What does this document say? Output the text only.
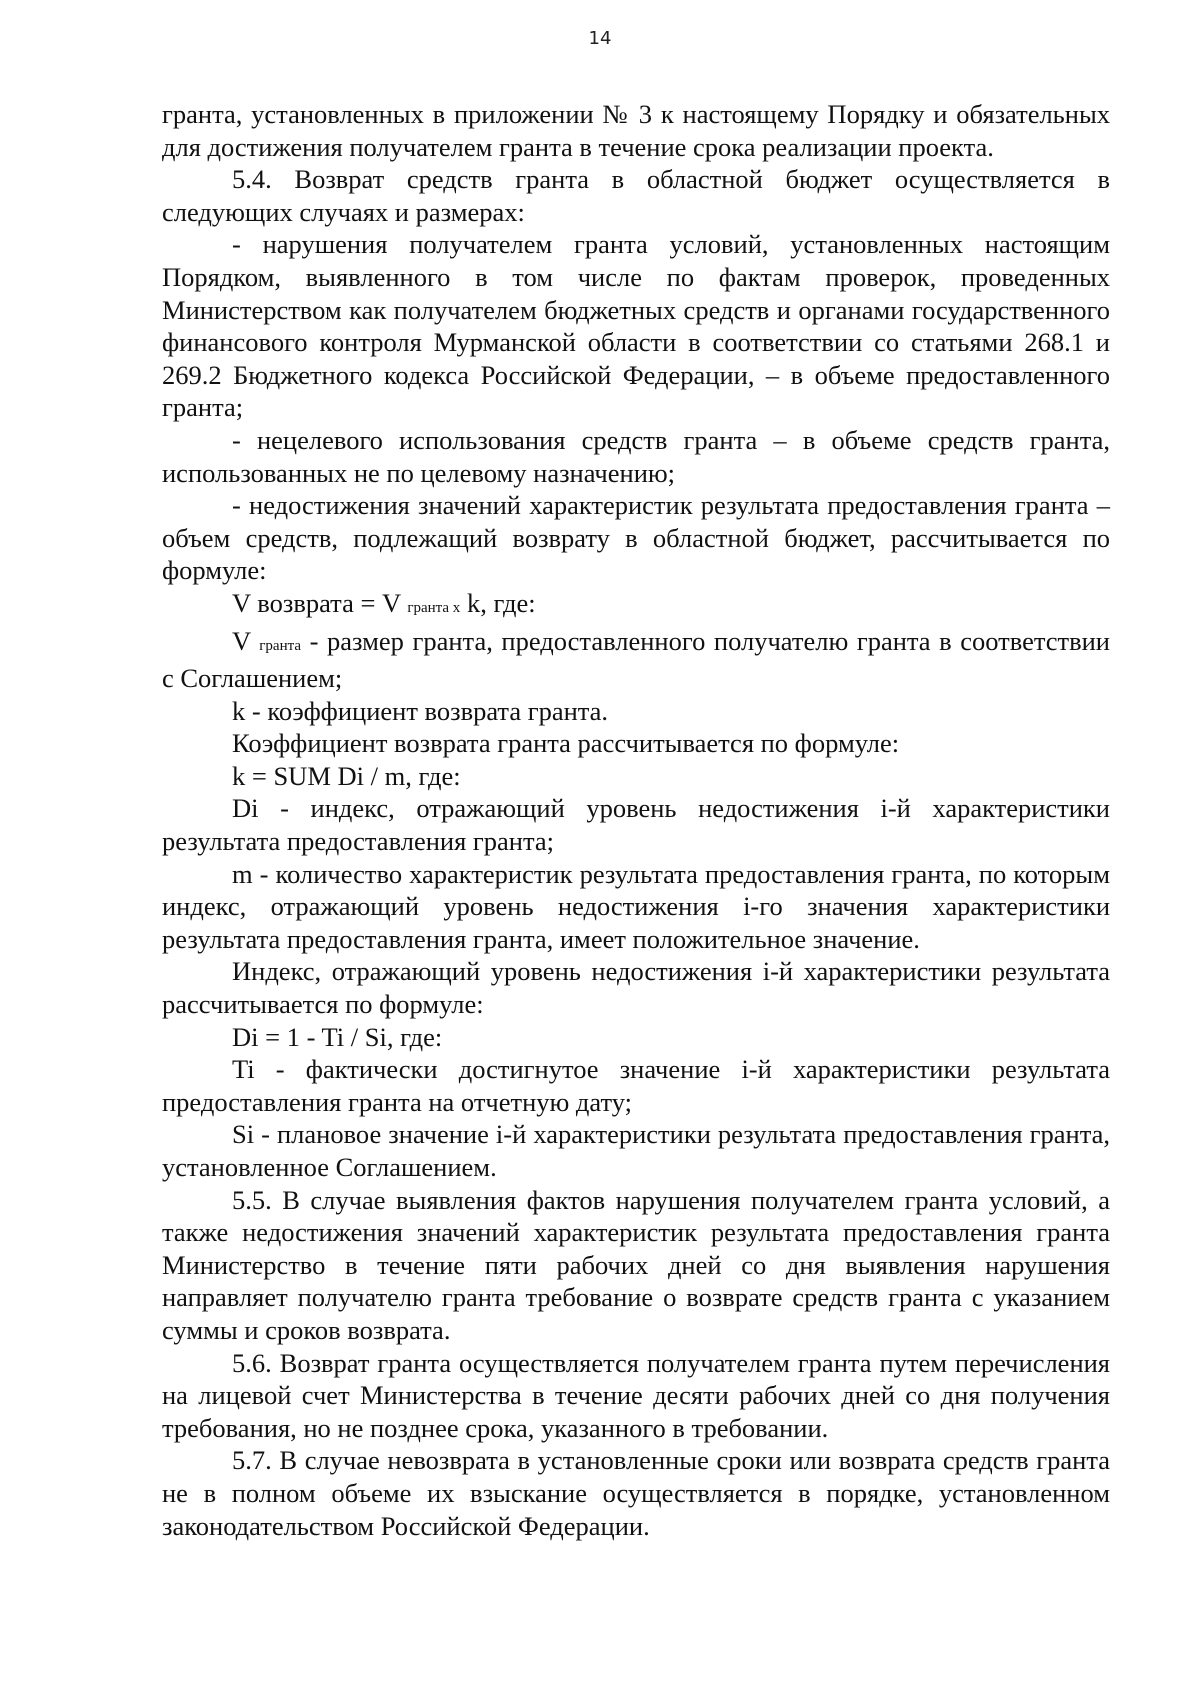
14

гранта, установленных в приложении № 3 к настоящему Порядку и обязательных для достижения получателем гранта в течение срока реализации проекта.

5.4. Возврат средств гранта в областной бюджет осуществляется в следующих случаях и размерах:

- нарушения получателем гранта условий, установленных настоящим Порядком, выявленного в том числе по фактам проверок, проведенных Министерством как получателем бюджетных средств и органами государственного финансового контроля Мурманской области в соответствии со статьями 268.1 и 269.2 Бюджетного кодекса Российской Федерации, – в объеме предоставленного гранта;

- нецелевого использования средств гранта – в объеме средств гранта, использованных не по целевому назначению;

- недостижения значений характеристик результата предоставления гранта – объем средств, подлежащий возврату в областной бюджет, рассчитывается по формуле:

V возврата = V гранта x k, где:

V гранта - размер гранта, предоставленного получателю гранта в соответствии с Соглашением;

k - коэффициент возврата гранта.

Коэффициент возврата гранта рассчитывается по формуле:

k = SUM Di / m, где:

Di - индекс, отражающий уровень недостижения i-й характеристики результата предоставления гранта;

m - количество характеристик результата предоставления гранта, по которым индекс, отражающий уровень недостижения i-го значения характеристики результата предоставления гранта, имеет положительное значение.

Индекс, отражающий уровень недостижения i-й характеристики результата рассчитывается по формуле:

Di = 1 - Ti / Si, где:

Ti - фактически достигнутое значение i-й характеристики результата предоставления гранта на отчетную дату;

Si - плановое значение i-й характеристики результата предоставления гранта, установленное Соглашением.

5.5. В случае выявления фактов нарушения получателем гранта условий, а также недостижения значений характеристик результата предоставления гранта Министерство в течение пяти рабочих дней со дня выявления нарушения направляет получателю гранта требование о возврате средств гранта с указанием суммы и сроков возврата.

5.6. Возврат гранта осуществляется получателем гранта путем перечисления на лицевой счет Министерства в течение десяти рабочих дней со дня получения требования, но не позднее срока, указанного в требовании.

5.7. В случае невозврата в установленные сроки или возврата средств гранта не в полном объеме их взыскание осуществляется в порядке, установленном законодательством Российской Федерации.
